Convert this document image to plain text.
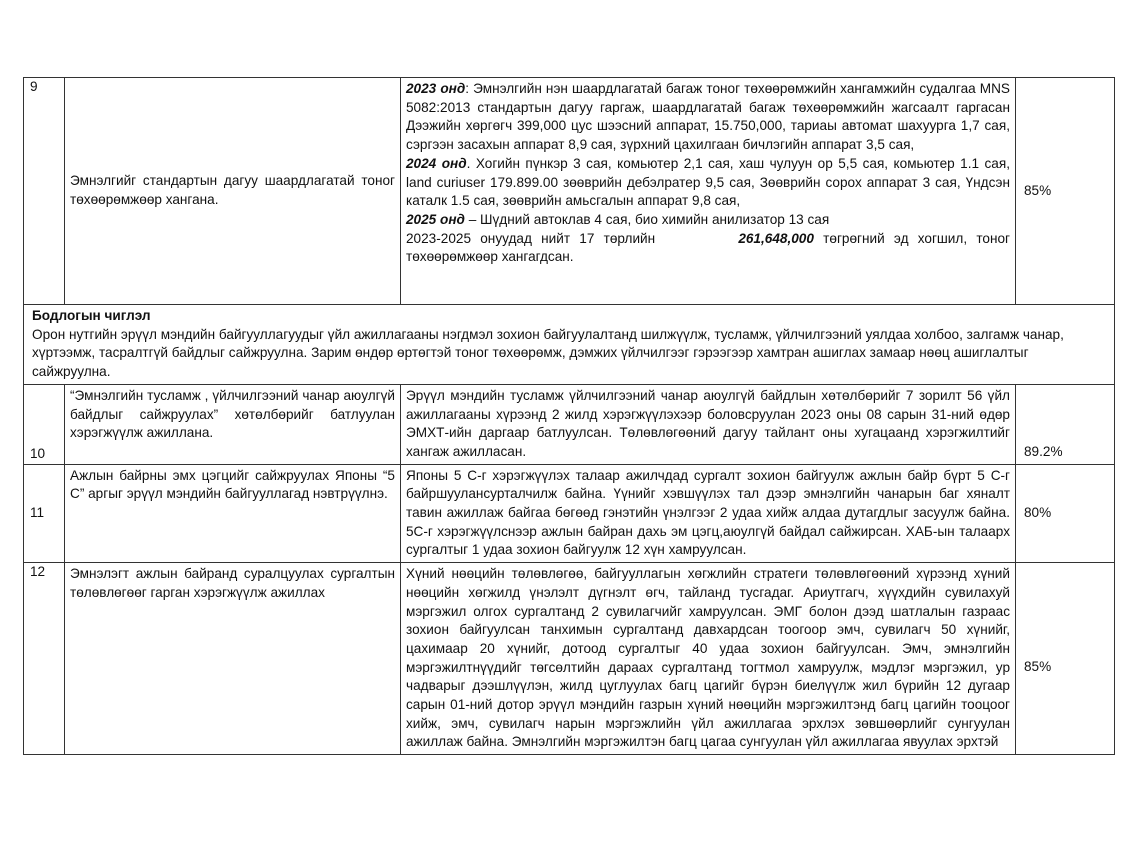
9	Эмнэлгийг стандартын дагуу шаардлагатай тоног төхөөрөмжөөр хангана.	2023 онд: Эмнэлгийн нэн шаардлагатай багаж тоног төхөөрөмжийн хангамжийн судалгаа MNS 5082:2013 стандартын дагуу гаргаж, шаардлагатай багаж төхөөрөмжийн жагсаалт гаргасан Дээжийн хөргөгч 399,000 цус шээсний аппарат, 15.750,000, тариаы автомат шахуурга 1,7 сая, сэргээн засахын аппарат 8,9 сая, зүрхний цахилгаан бичлэгийн аппарат 3,5 сая,
2024 онд. Хогийн пүнкэр 3 сая, комьютер 2,1 сая, хаш чулуун ор 5,5 сая, комьютер 1.1 сая, land curiuser 179.899.00 зөөврийн дебэлратер 9,5 сая, Зөөврийн сорох аппарат 3 сая, Үндсэн каталк 1.5 сая, зөөврийн амьсгалын аппарат 9,8 сая,
2025 онд – Шүдний автоклав 4 сая, био химийн анилизатор 13 сая
2023-2025 онуудад нийт 17 төрлийн 261,648,000 төгрөгний эд хогшил, тоног төхөөрөмжөөр хангагдсан.	85%

Бодлогын чиглэл
Орон нутгийн эрүүл мэндийн байгууллагуудыг үйл ажиллагааны нэгдмэл зохион байгуулалтанд шилжүүлж, тусламж, үйлчилгээний уялдаа холбоо, залгамж чанар, хүртээмж, тасралтгүй байдлыг сайжруулна. Зарим өндөр өртөгтэй тоног төхөөрөмж, дэмжих үйлчилгээг гэрээгээр хамтран ашиглах замаар нөөц ашиглалтыг сайжруулна.			
10	“Эмнэлгийн тусламж , үйлчилгээний чанар аюулгүй байдлыг сайжруулах” хөтөлбөрийг батлуулан хэрэгжүүлж ажиллана.	Эрүүл мэндийн тусламж үйлчилгээний чанар аюулгүй байдлын хөтөлбөрийг 7 зорилт 56 үйл ажиллагааны хүрээнд 2 жилд хэрэгжүүлэхээр боловсруулан 2023 оны 08 сарын 31-ний өдөр ЭМХТ-ийн даргаар батлуулсан. Төлөвлөгөөний дагуу тайлант оны хугацаанд хэрэгжилтийг хангаж ажилласан.	89.2%
11	Ажлын байрны эмх цэгцийг сайжруулах Японы “5 С” аргыг эрүүл мэндийн байгууллагад нэвтрүүлнэ.	Японы 5 С-г хэрэгжүүлэх талаар ажилчдад сургалт зохион байгуулж ажлын байр бүрт 5 С-г байршуулансурталчилж байна. Үүнийг хэвшүүлэх тал дээр эмнэлгийн чанарын баг хяналт тавин ажиллаж байгаа бөгөөд гэнэтийн үнэлгээг 2 удаа хийж алдаа дутагдлыг засуулж байна. 5С-г хэрэгжүүлснээр ажлын байран дахь эм цэгц,аюулгүй байдал сайжирсан. ХАБ-ын талаарх сургалтыг 1 удаа зохион байгуулж 12 хүн хамруулсан.	80%
12	Эмнэлэгт ажлын байранд суралцуулах сургалтын төлөвлөгөөг гарган хэрэгжүүлж ажиллах	Хүний нөөцийн төлөвлөгөө, байгууллагын хөгжлийн стратеги төлөвлөгөөний хүрээнд хүний нөөцийн хөгжилд үнэлэлт дүгнэлт өгч, тайланд тусгадаг. Ариутгагч, хүүхдийн сувилахуй мэргэжил олгох сургалтанд 2 сувилагчийг хамруулсан. ЭМГ болон дээд шатлалын газраас зохион байгуулсан танхимын сургалтанд давхардсан тоогоор эмч, сувилагч 50 хүнийг, цахимаар 20 хүнийг, дотоод сургалтыг 40 удаа зохион байгуулсан. Эмч, эмнэлгийн мэргэжилтнүүдийг төгсөлтийн дараах сургалтанд тогтмол хамруулж, мэдлэг мэргэжил, ур чадварыг дээшлүүлэн, жилд цуглуулах багц цагийг бүрэн биелүүлж жил бүрийн 12 дугаар сарын 01-ний дотор эрүүл мэндийн газрын хүний нөөцийн мэргэжилтэнд багц цагийн тооцоог хийж, эмч, сувилагч нарын мэргэжлийн үйл ажиллагаа эрхлэх зөвшөөрлийг сунгуулан ажиллаж байна. Эмнэлгийн мэргэжилтэн багц цагаа сунгуулан үйл ажиллагаа явуулах эрхтэй	85%
